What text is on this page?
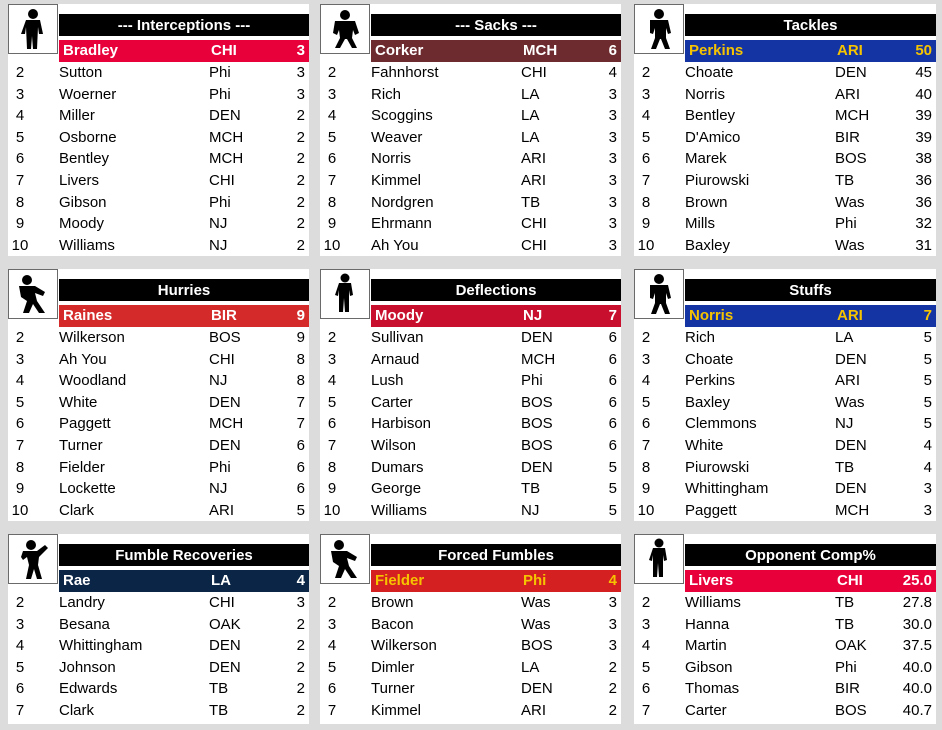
--- Interceptions ---
Bradley	CHI	3
2	Sutton	Phi	3
3	Woerner	Phi	3
4	Miller	DEN	2
5	Osborne	MCH	2
6	Bentley	MCH	2
7	Livers	CHI	2
8	Gibson	Phi	2
9	Moody	NJ	2
10 Williams	NJ	2
--- Sacks ---
Corker	MCH	6
2	Fahnhorst	CHI	4
3	Rich	LA	3
4	Scoggins	LA	3
5	Weaver	LA	3
6	Norris	ARI	3
7	Kimmel	ARI	3
8	Nordgren	TB	3
9	Ehrmann	CHI	3
10 Ah You	CHI	3
Tackles
Perkins	ARI	50
2	Choate	DEN	45
3	Norris	ARI	40
4	Bentley	MCH	39
5	D'Amico	BIR	39
6	Marek	BOS	38
7	Piurowski	TB	36
8	Brown	Was	36
9	Mills	Phi	32
10 Baxley	Was	31
Hurries
Raines	BIR	9
2	Wilkerson	BOS	9
3	Ah You	CHI	8
4	Woodland	NJ	8
5	White	DEN	7
6	Paggett	MCH	7
7	Turner	DEN	6
8	Fielder	Phi	6
9	Lockette	NJ	6
10 Clark	ARI	5
Deflections
Moody	NJ	7
2	Sullivan	DEN	6
3	Arnaud	MCH	6
4	Lush	Phi	6
5	Carter	BOS	6
6	Harbison	BOS	6
7	Wilson	BOS	6
8	Dumars	DEN	5
9	George	TB	5
10 Williams	NJ	5
Stuffs
Norris	ARI	7
2	Rich	LA	5
3	Choate	DEN	5
4	Perkins	ARI	5
5	Baxley	Was	5
6	Clemmons	NJ	5
7	White	DEN	4
8	Piurowski	TB	4
9	Whittingham	DEN	3
10 Paggett	MCH	3
Fumble Recoveries
Rae	LA	4
2	Landry	CHI	3
3	Besana	OAK	2
4	Whittingham	DEN	2
5	Johnson	DEN	2
6	Edwards	TB	2
7	Clark	TB	2
Forced Fumbles
Fielder	Phi	4
2	Brown	Was	3
3	Bacon	Was	3
4	Wilkerson	BOS	3
5	Dimler	LA	2
6	Turner	DEN	2
7	Kimmel	ARI	2
Opponent Comp%
Livers	CHI	25.0
2	Williams	TB	27.8
3	Hanna	TB	30.0
4	Martin	OAK	37.5
5	Gibson	Phi	40.0
6	Thomas	BIR	40.0
7	Carter	BOS	40.7
